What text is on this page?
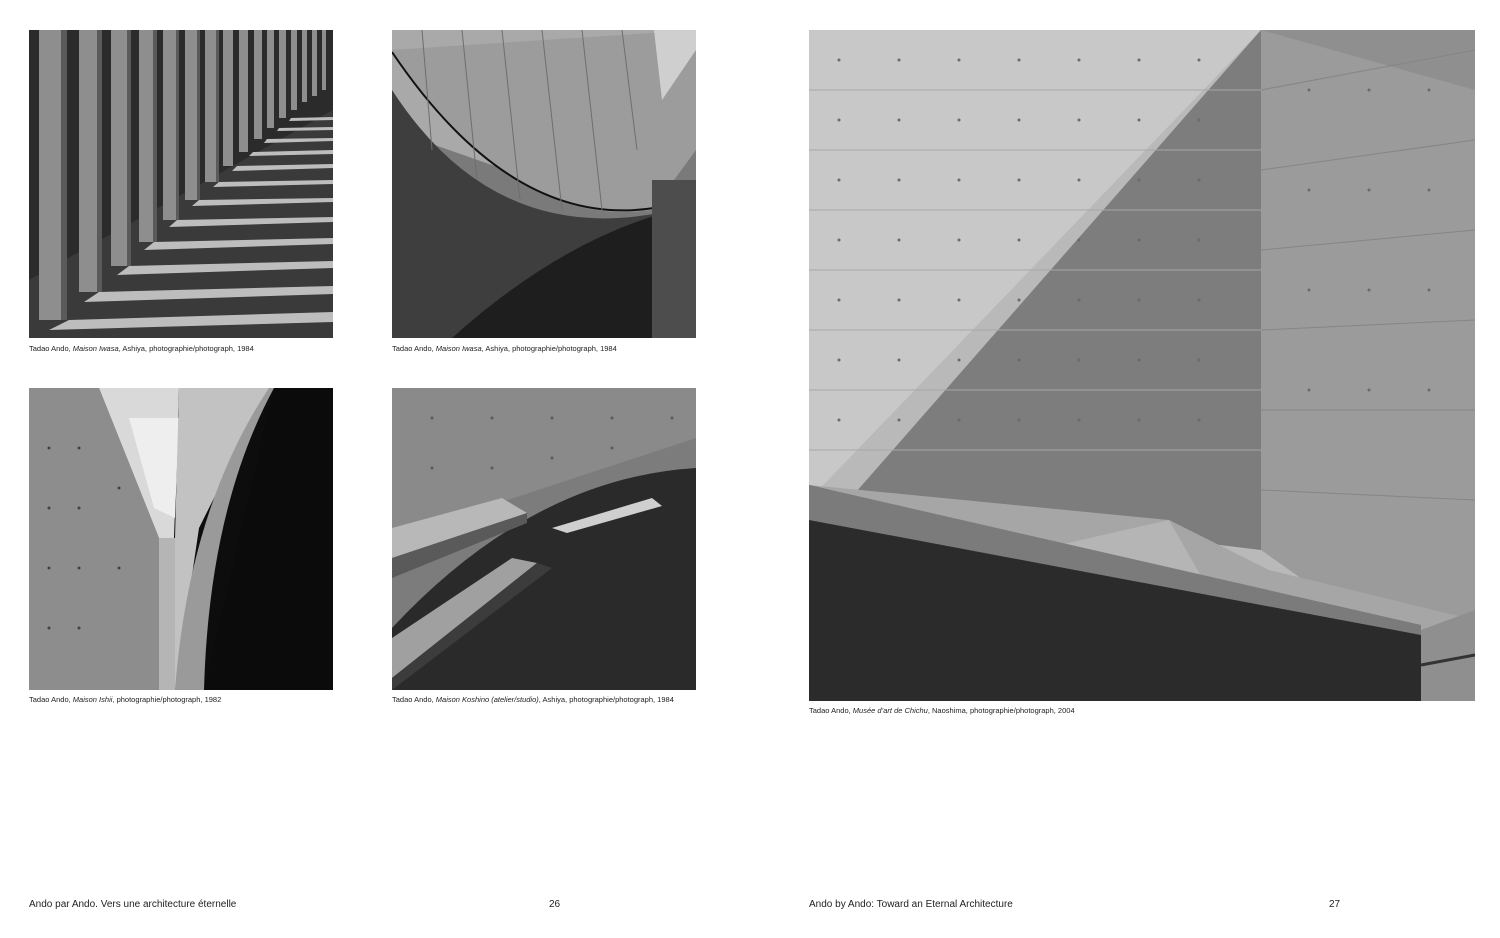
Tadao Ando, Maison Iwasa, Ashiya, photographie/photograph, 1984	Tadao Ando, Maison Iwasa, Ashiya, photographie/photograph, 1984
Tadao Ando, Maison Ishii, photographie/photograph, 1982	Tadao Ando, Maison Koshino (atelier/studio), Ashiya, photographie/photograph, 1984
Ando par Ando. Vers une architecture éternelle	26
Tadao Ando, Musée d’art de Chichu, Naoshima, photographie/photograph, 2004
Ando by Ando: Toward an Eternal Architecture	27
